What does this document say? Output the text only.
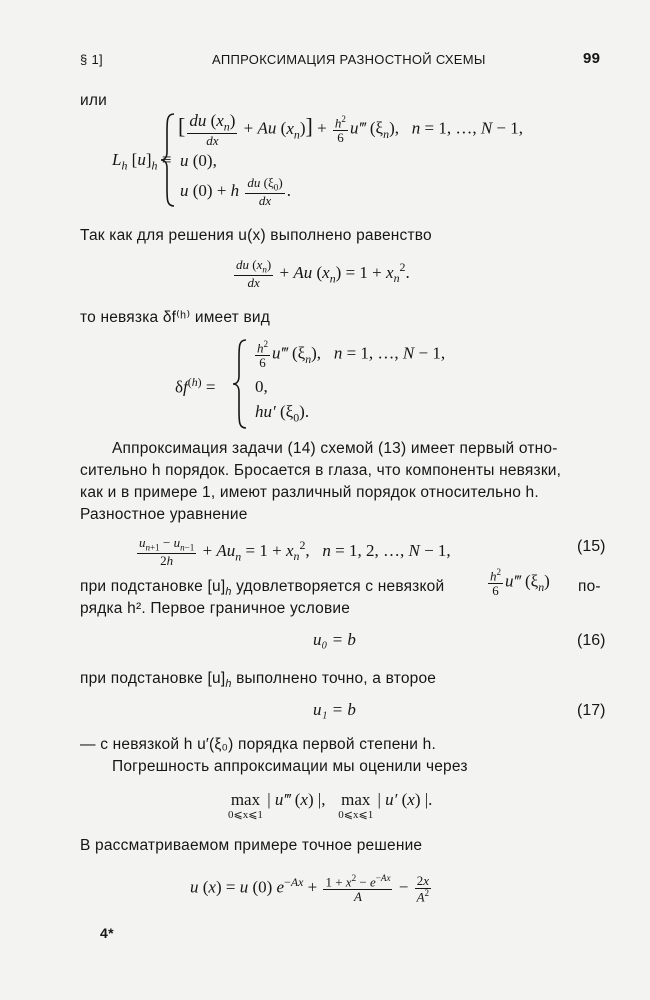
§ 1]	АППРОКСИМАЦИЯ РАЗНОСТНОЙ СХЕМЫ	99
или
$L_h$ $[u]_h$ ≡
[ $\frac{du (x_n)}{dx} + Au$ $(x_n)] + \frac{h^2}{6}$ u‴ $(\xi_n)$,   n = 1, …, N − 1,
u (0),
u (0) + h $\frac{du (\xi_0)}{dx}$ .
Так как для решения u(x) выполнено равенство
$\frac{du (x_n)}{dx} + Au$ $(x_n) = 1 + x_n^2$.
то невязка δf⁽ʰ⁾ имеет вид
$\delta f^{(h)}$ =
$\frac{h^2}{6}$ u‴ $(\xi_n)$,   n = 1, …, N − 1,
0,
hu′ $(\xi_0)$.
Аппроксимация задачи (14) схемой (13) имеет первый отно-
сительно h порядок. Бросается в глаза, что компоненты невязки,
как и в примере 1, имеют различный порядок относительно h.
Разностное уравнение
$\frac{u_{n+1} - u_{n-1}}{2h} + Au_n = 1 + x_n^2$,   n = 1, 2, …, N − 1,	(15)
при подстановке $[u]_h$ удовлетворяется с невязкой	$\frac{h^2}{6}$ u‴ $(\xi_n)$ по-
рядка h². Первое граничное условие
u₀ = b	(16)
при подстановке $[u]_h$ выполнено точно, а второе
u₁ = b	(17)
— с невязкой h u′(ξ₀) порядка первой степени h.
Погрешность аппроксимации мы оценили через
max
0⩽x⩽1
| u‴ (x) |,   max
0⩽x⩽1
| u′ (x) |.
В рассматриваемом примере точное решение
u (x) = u (0) $e^{-Ax} + \frac{1 + x^2 - e^{-Ax}}{A} - \frac{2x}{A^2}$
4*
